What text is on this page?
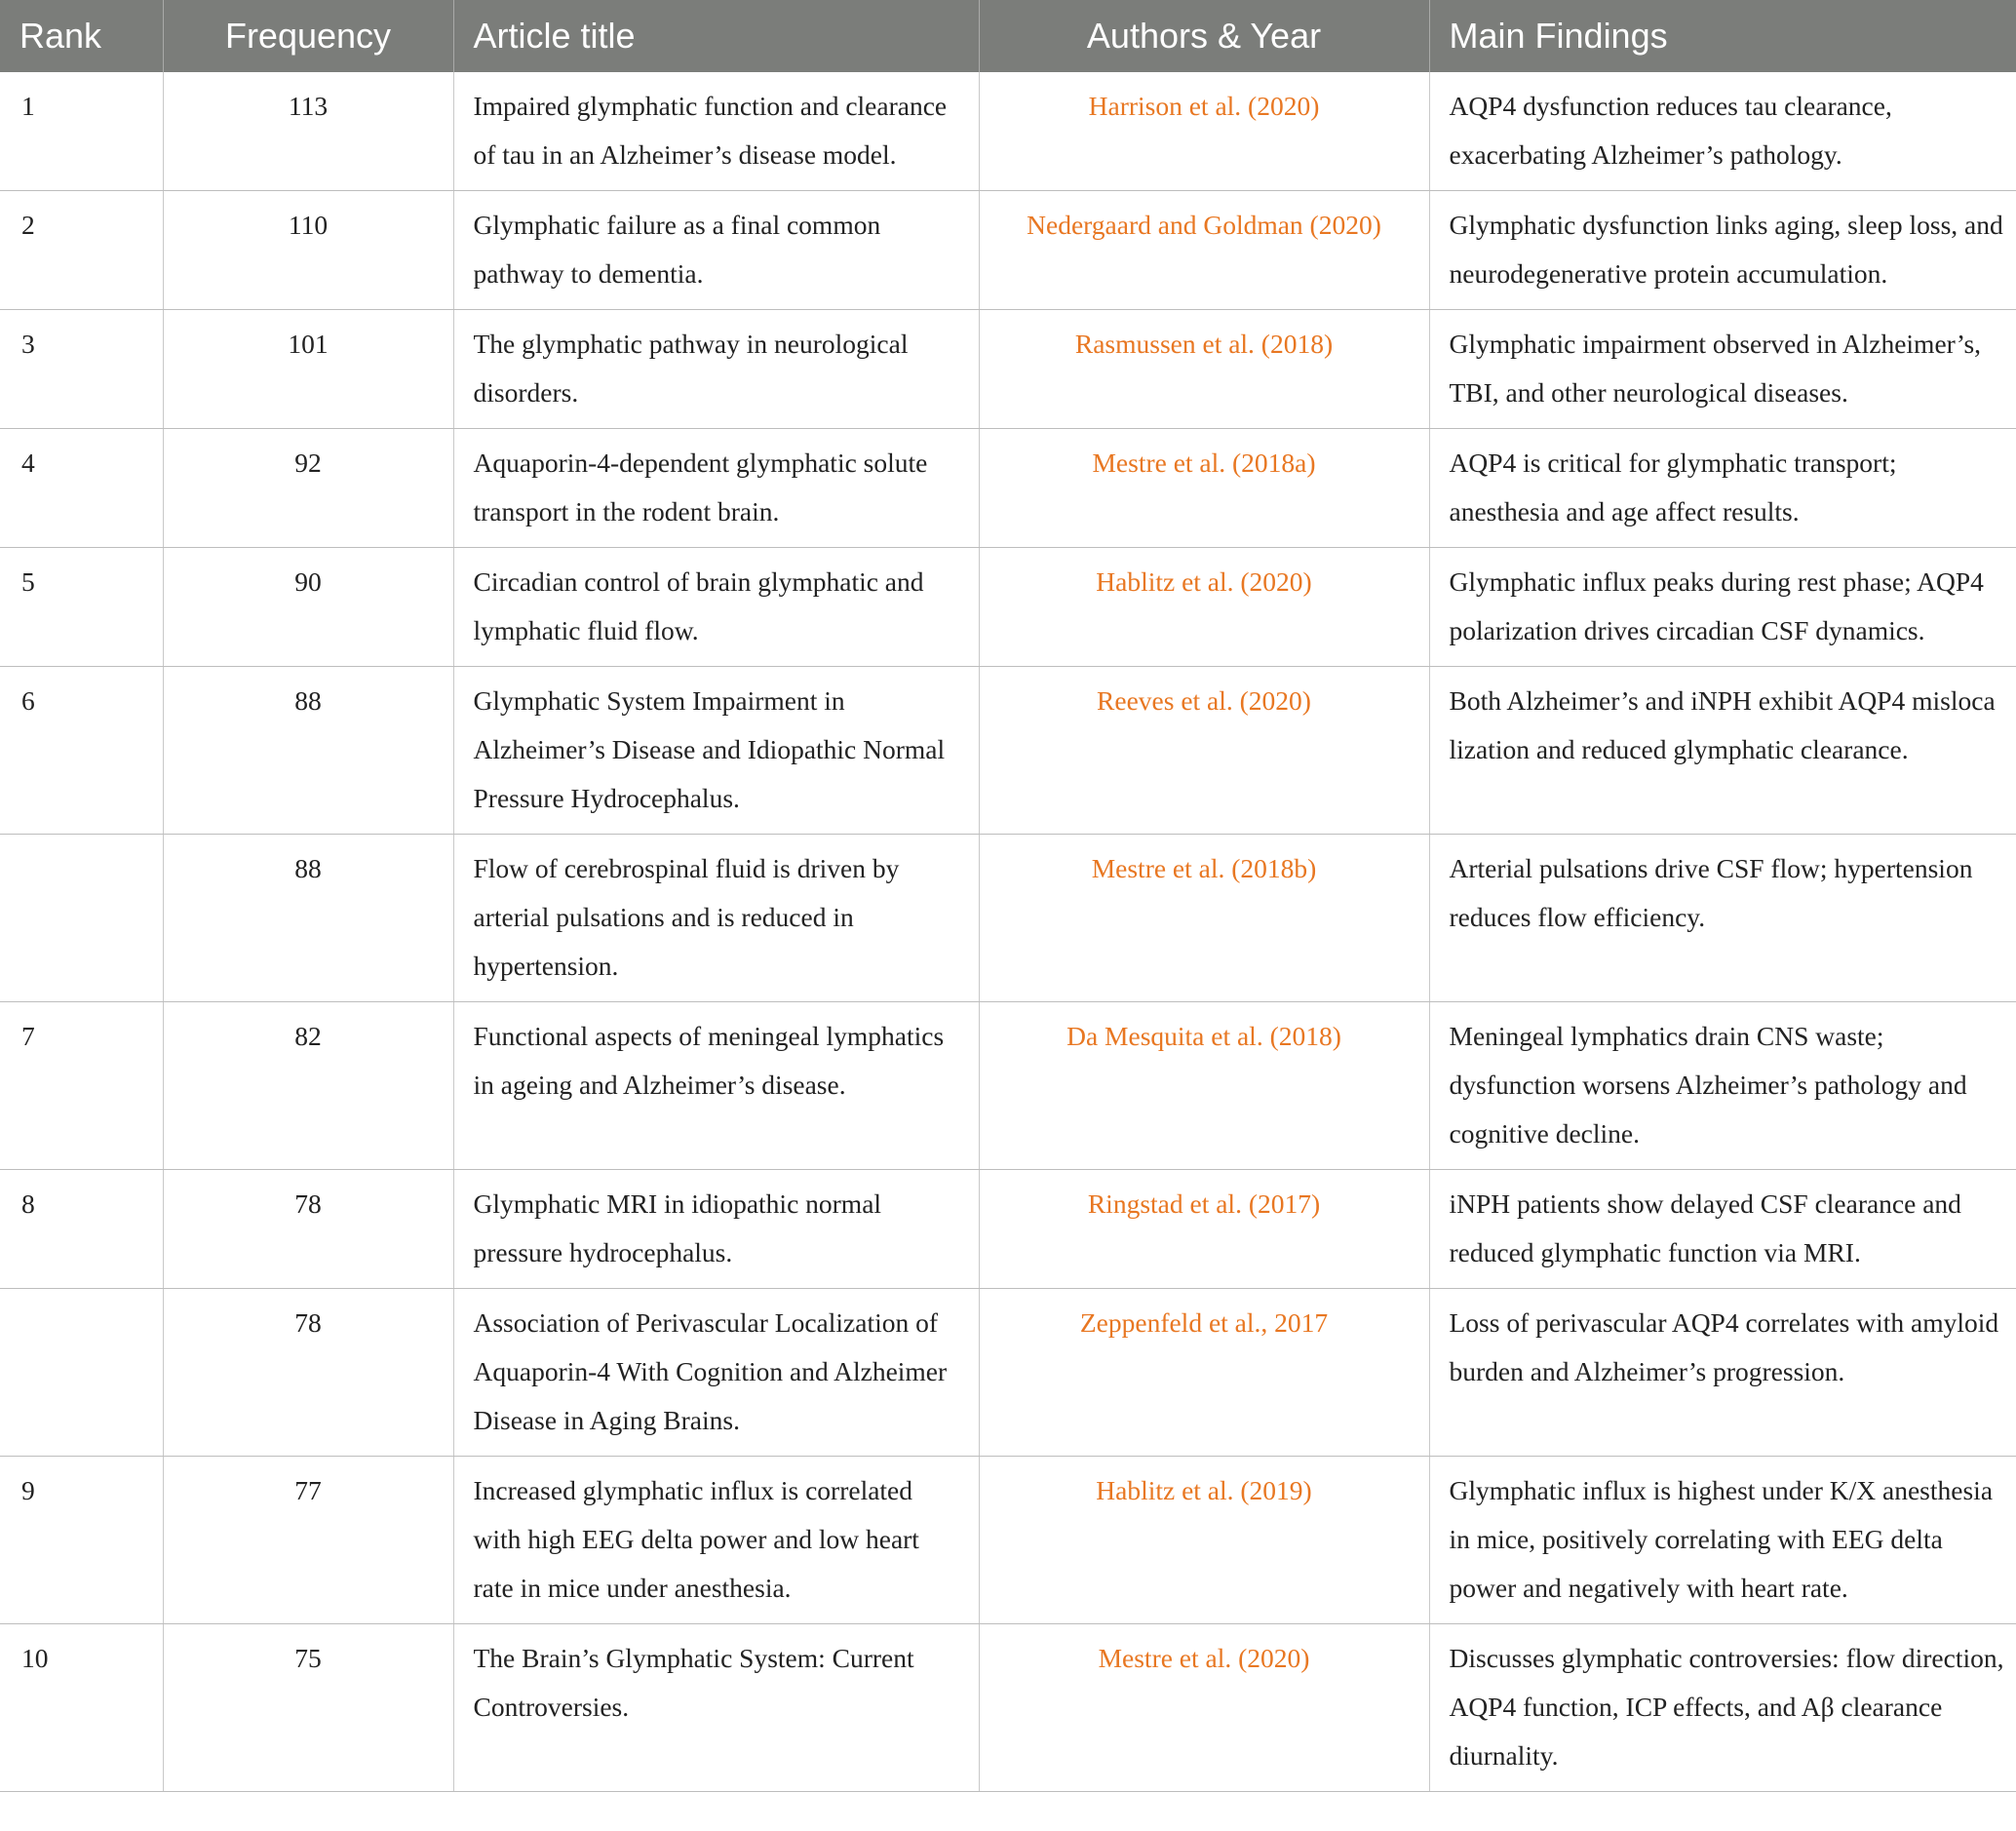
Rank	Frequency	Article title	Authors & Year	Main Findings
1	113	Impaired glymphatic function and clearance of tau in an Alzheimer’s disease model.	Harrison et al. (2020)	AQP4 dysfunction reduces tau clearance, exacerbating Alzheimer’s pathology.
2	110	Glymphatic failure as a final common pathway to dementia.	Nedergaard and Goldman (2020)	Glymphatic dysfunction links aging, sleep loss, and neurodegenerative protein accumulation.
3	101	The glymphatic pathway in neurological disorders.	Rasmussen et al. (2018)	Glymphatic impairment observed in Alzheimer’s, TBI, and other neurological diseases.
4	92	Aquaporin-4-dependent glymphatic solute transport in the rodent brain.	Mestre et al. (2018a)	AQP4 is critical for glymphatic transport; anesthesia and age affect results.
5	90	Circadian control of brain glymphatic and lymphatic fluid flow.	Hablitz et al. (2020)	Glymphatic influx peaks during rest phase; AQP4 polarization drives circadian CSF dynamics.
6	88	Glymphatic System Impairment in Alzheimer’s Disease and Idiopathic Normal Pressure Hydrocephalus.	Reeves et al. (2020)	Both Alzheimer’s and iNPH exhibit AQP4 misloca lization and reduced glymphatic clearance.
	88	Flow of cerebrospinal fluid is driven by arterial pulsations and is reduced in hypertension.	Mestre et al. (2018b)	Arterial pulsations drive CSF flow; hypertension reduces flow efficiency.
7	82	Functional aspects of meningeal lymphatics in ageing and Alzheimer’s disease.	Da Mesquita et al. (2018)	Meningeal lymphatics drain CNS waste; dysfunction worsens Alzheimer’s pathology and cognitive decline.
8	78	Glymphatic MRI in idiopathic normal pressure hydrocephalus.	Ringstad et al. (2017)	iNPH patients show delayed CSF clearance and reduced glymphatic function via MRI.
	78	Association of Perivascular Localization of Aquaporin-4 With Cognition and Alzheimer Disease in Aging Brains.	Zeppenfeld et al., 2017	Loss of perivascular AQP4 correlates with amyloid burden and Alzheimer’s progression.
9	77	Increased glymphatic influx is correlated with high EEG delta power and low heart rate in mice under anesthesia.	Hablitz et al. (2019)	Glymphatic influx is highest under K/X anesthesia in mice, positively correlating with EEG delta power and negatively with heart rate.
10	75	The Brain’s Glymphatic System: Current Controversies.	Mestre et al. (2020)	Discusses glymphatic controversies: flow direction, AQP4 function, ICP effects, and Aβ clearance diurnality.
